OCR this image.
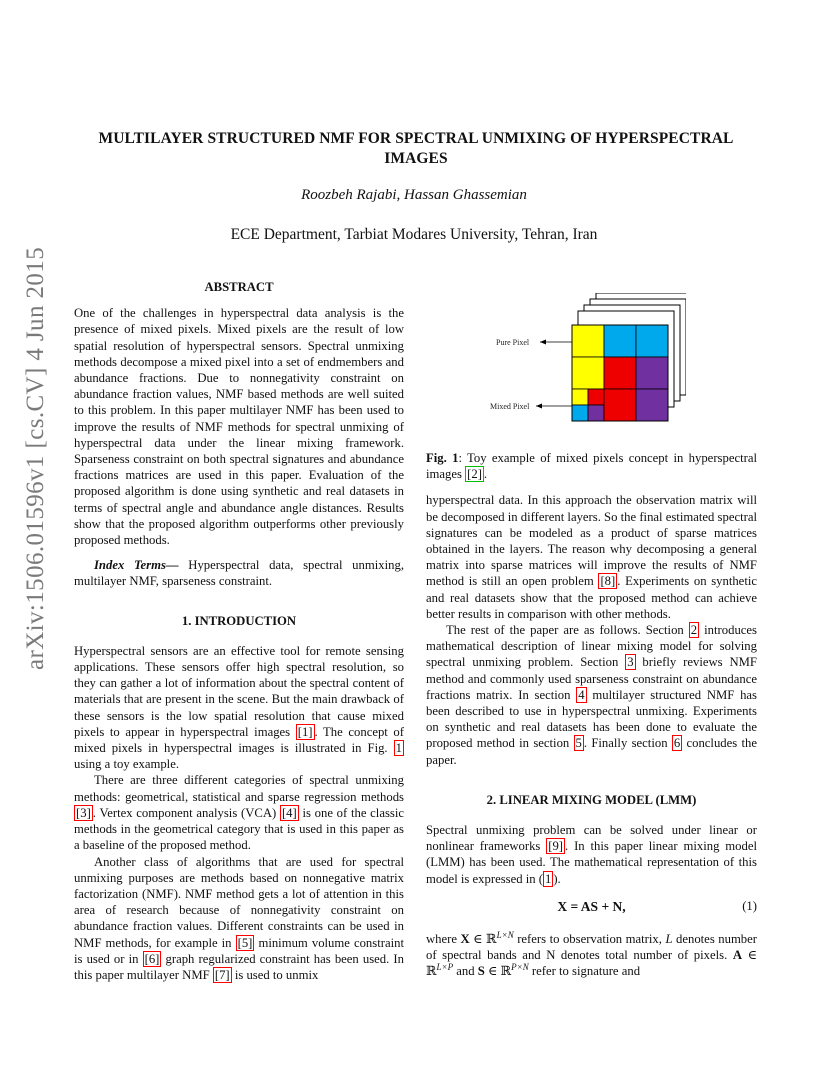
arXiv:1506.01596v1 [cs.CV] 4 Jun 2015
MULTILAYER STRUCTURED NMF FOR SPECTRAL UNMIXING OF HYPERSPECTRAL IMAGES
Roozbeh Rajabi, Hassan Ghassemian
ECE Department, Tarbiat Modares University, Tehran, Iran
ABSTRACT

One of the challenges in hyperspectral data analysis is the presence of mixed pixels. Mixed pixels are the result of low spatial resolution of hyperspectral sensors. Spectral unmixing methods decompose a mixed pixel into a set of endmembers and abundance fractions. Due to nonnegativity constraint on abundance fraction values, NMF based methods are well suited to this problem. In this paper multilayer NMF has been used to improve the results of NMF methods for spectral unmixing of hyperspectral data under the linear mixing framework. Sparseness constraint on both spectral signatures and abundance fractions matrices are used in this paper. Evaluation of the proposed algorithm is done using synthetic and real datasets in terms of spectral angle and abundance angle distances. Results show that the proposed algorithm outperforms other previously proposed methods.

Index Terms— Hyperspectral data, spectral unmixing, multilayer NMF, sparseness constraint.

1. INTRODUCTION

Hyperspectral sensors are an effective tool for remote sensing applications. These sensors offer high spectral resolution, so they can gather a lot of information about the spectral content of materials that are present in the scene. But the main drawback of these sensors is the low spatial resolution that cause mixed pixels to appear in hyperspectral images [1] . The concept of mixed pixels in hyperspectral images is illustrated in Fig. 1 using a toy example.

There are three different categories of spectral unmixing methods: geometrical, statistical and sparse regression methods [3] . Vertex component analysis (VCA) [4] is one of the classic methods in the geometrical category that is used in this paper as a baseline of the proposed method.

Another class of algorithms that are used for spectral unmixing purposes are methods based on nonnegative matrix factorization (NMF). NMF method gets a lot of attention in this area of research because of nonnegativity constraint on abundance fraction values. Different constraints can be used in NMF methods, for example in [5] minimum volume constraint is used or in [6] graph regularized constraint has been used. In this paper multilayer NMF [7] is used to unmix

Pure Pixel
Mixed Pixel

Fig. 1: Toy example of mixed pixels concept in hyperspectral images [2] .

hyperspectral data. In this approach the observation matrix will be decomposed in different layers. So the final estimated spectral signatures can be modeled as a product of sparse matrices obtained in the layers. The reason why decomposing a general matrix into sparse matrices will improve the results of NMF method is still an open problem [8] . Experiments on synthetic and real datasets show that the proposed method can achieve better results in comparison with other methods.

The rest of the paper are as follows. Section 2 introduces mathematical description of linear mixing model for solving spectral unmixing problem. Section 3 briefly reviews NMF method and commonly used sparseness constraint on abundance fractions matrix. In section 4 multilayer structured NMF has been described to use in hyperspectral unmixing. Experiments on synthetic and real datasets has been done to evaluate the proposed method in section 5 . Finally section 6 concludes the paper.

2. LINEAR MIXING MODEL (LMM)

Spectral unmixing problem can be solved under linear or nonlinear frameworks [9] . In this paper linear mixing model (LMM) has been used. The mathematical representation of this model is expressed in ( 1 ).

X = AS + N,	(1)

where X ∈ ℝ$^{L\times N}$ refers to observation matrix, L denotes number of spectral bands and N denotes total number of pixels. A ∈ ℝ$^{L\times P}$ and S ∈ ℝ$^{P\times N}$ refer to signature and
